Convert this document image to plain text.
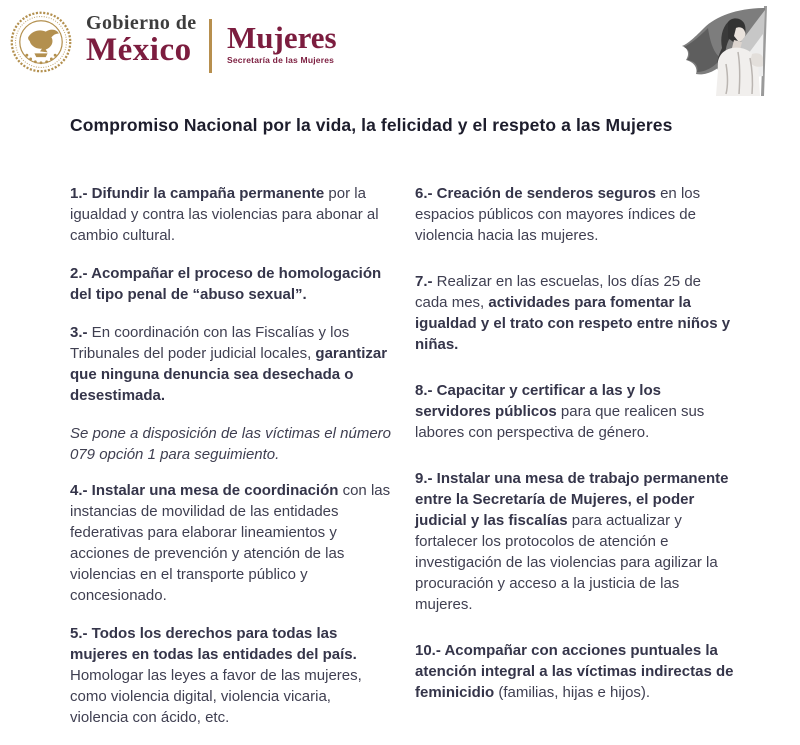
Gobierno de
México Mujeres
Secretaría de las Mujeres
Compromiso Nacional por la vida, la felicidad y el respeto a las Mujeres

1.- Difundir la campaña permanente por la igualdad y contra las violencias para abonar al cambio cultural.

2.- Acompañar el proceso de homologación del tipo penal de “abuso sexual”.

3.- En coordinación con las Fiscalías y los Tribunales del poder judicial locales, garantizar que ninguna denuncia sea desechada o desestimada.

Se pone a disposición de las víctimas el número 079 opción 1 para seguimiento.

4.- Instalar una mesa de coordinación con las instancias de movilidad de las entidades federativas para elaborar lineamientos y acciones de prevención y atención de las violencias en el transporte público y concesionado.

5.- Todos los derechos para todas las mujeres en todas las entidades del país. Homologar las leyes a favor de las mujeres, como violencia digital, violencia vicaria, violencia con ácido, etc.

6.- Creación de senderos seguros en los espacios públicos con mayores índices de violencia hacia las mujeres.

7.- Realizar en las escuelas, los días 25 de cada mes, actividades para fomentar la igualdad y el trato con respeto entre niños y niñas.

8.- Capacitar y certificar a las y los servidores públicos para que realicen sus labores con perspectiva de género.

9.- Instalar una mesa de trabajo permanente entre la Secretaría de Mujeres, el poder judicial y las fiscalías para actualizar y fortalecer los protocolos de atención e investigación de las violencias para agilizar la procuración y acceso a la justicia de las mujeres.

10.- Acompañar con acciones puntuales la atención integral a las víctimas indirectas de feminicidio (familias, hijas e hijos).
